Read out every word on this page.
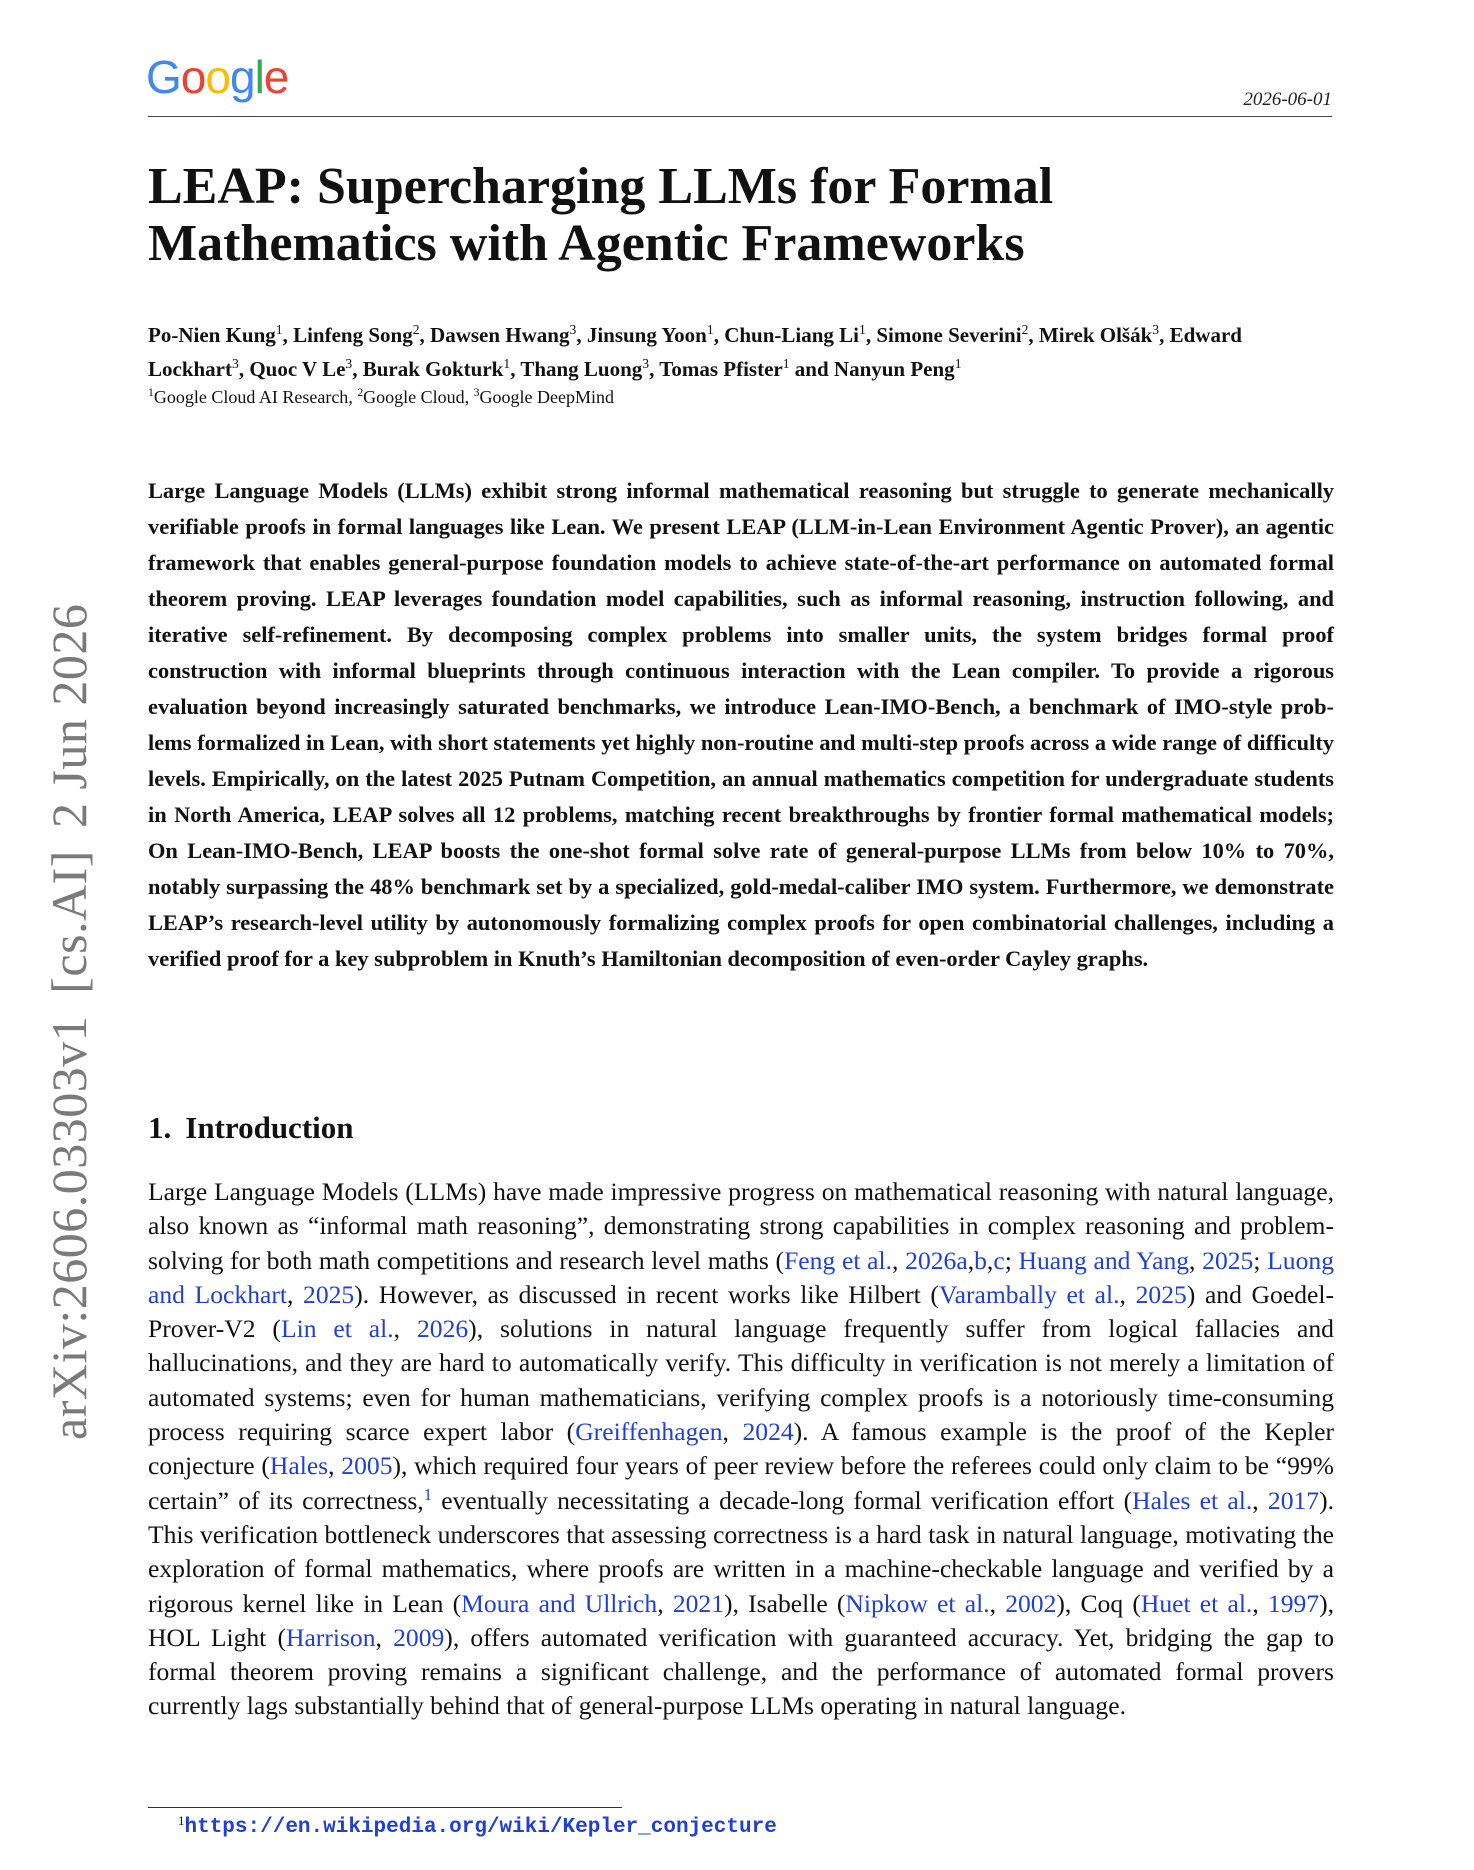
Google	2026-06-01
arXiv:2606.03303v1[cs.AI]2 Jun 2026
LEAP: Supercharging LLMs for Formal Mathematics with Agentic Frameworks
Po-Nien Kung$^1$, Linfeng Song$^2$, Dawsen Hwang$^3$, Jinsung Yoon$^1$, Chun-Liang Li$^1$, Simone Severini$^2$, Mirek Olšák$^3$, Edward Lockhart$^3$, Quoc V Le$^3$, Burak Gokturk$^1$, Thang Luong$^3$, Tomas Pfister$^1$ and Nanyun Peng$^1$
$^1$Google Cloud AI Research, $^2$Google Cloud, $^3$Google DeepMind

Large Language Models (LLMs) exhibit strong informal mathematical reasoning but struggle to generate mechanically verifiable proofs in formal languages like Lean. We present LEAP (LLM-in-Lean Environment Agentic Prover), an agentic framework that enables general-purpose foundation models to achieve state-of-the-art performance on automated formal theorem proving. LEAP leverages foundation model capabilities, such as informal reasoning, instruction following, and iterative self-refinement. By decomposing complex problems into smaller units, the system bridges formal proof construction with informal blueprints through continuous interaction with the Lean compiler. To provide a rigorous evaluation beyond increasingly saturated benchmarks, we introduce Lean-IMO-Bench, a benchmark of IMO-style problems formalized in Lean, with short statements yet highly non-routine and multi-step proofs across a wide range of difficulty levels. Empirically, on the latest 2025 Putnam Competition, an annual mathematics competition for undergraduate students in North America, LEAP solves all 12 problems, matching recent breakthroughs by frontier formal mathematical models; On Lean-IMO-Bench, LEAP boosts the one-shot formal solve rate of general-purpose LLMs from below 10% to 70%, notably surpassing the 48% benchmark set by a specialized, gold-medal-caliber IMO system. Furthermore, we demonstrate LEAP’s research-level utility by autonomously formalizing complex proofs for open combinatorial challenges, including a verified proof for a key subproblem in Knuth’s Hamiltonian decomposition of even-order Cayley graphs.

1. Introduction

Large Language Models (LLMs) have made impressive progress on mathematical reasoning with natural language, also known as “informal math reasoning”, demonstrating strong capabilities in complex reasoning and problem-solving for both math competitions and research level maths (Feng et al., 2026a,b,c; Huang and Yang, 2025; Luong and Lockhart, 2025). However, as discussed in recent works like Hilbert (Varambally et al., 2025) and Goedel-Prover-V2 (Lin et al., 2026), solutions in natural language frequently suffer from logical fallacies and hallucinations, and they are hard to automatically verify. This difficulty in verification is not merely a limitation of automated systems; even for human mathematicians, verifying complex proofs is a notoriously time-consuming process requiring scarce expert labor (Greiffenhagen, 2024). A famous example is the proof of the Kepler conjecture (Hales, 2005), which required four years of peer review before the referees could only claim to be “99% certain” of its correctness,$^1$ eventually necessitating a decade-long formal verification effort (Hales et al., 2017). This verification bottleneck underscores that assessing correctness is a hard task in natural language, motivating the exploration of formal mathematics, where proofs are written in a machine-checkable language and verified by a rigorous kernel like in Lean (Moura and Ullrich, 2021), Isabelle (Nipkow et al., 2002), Coq (Huet et al., 1997), HOL Light (Harrison, 2009), offers automated verification with guaranteed accuracy. Yet, bridging the gap to formal theorem proving remains a significant challenge, and the performance of automated formal provers currently lags substantially behind that of general-purpose LLMs operating in natural language.

$^1$https://en.wikipedia.org/wiki/Kepler_conjecture
